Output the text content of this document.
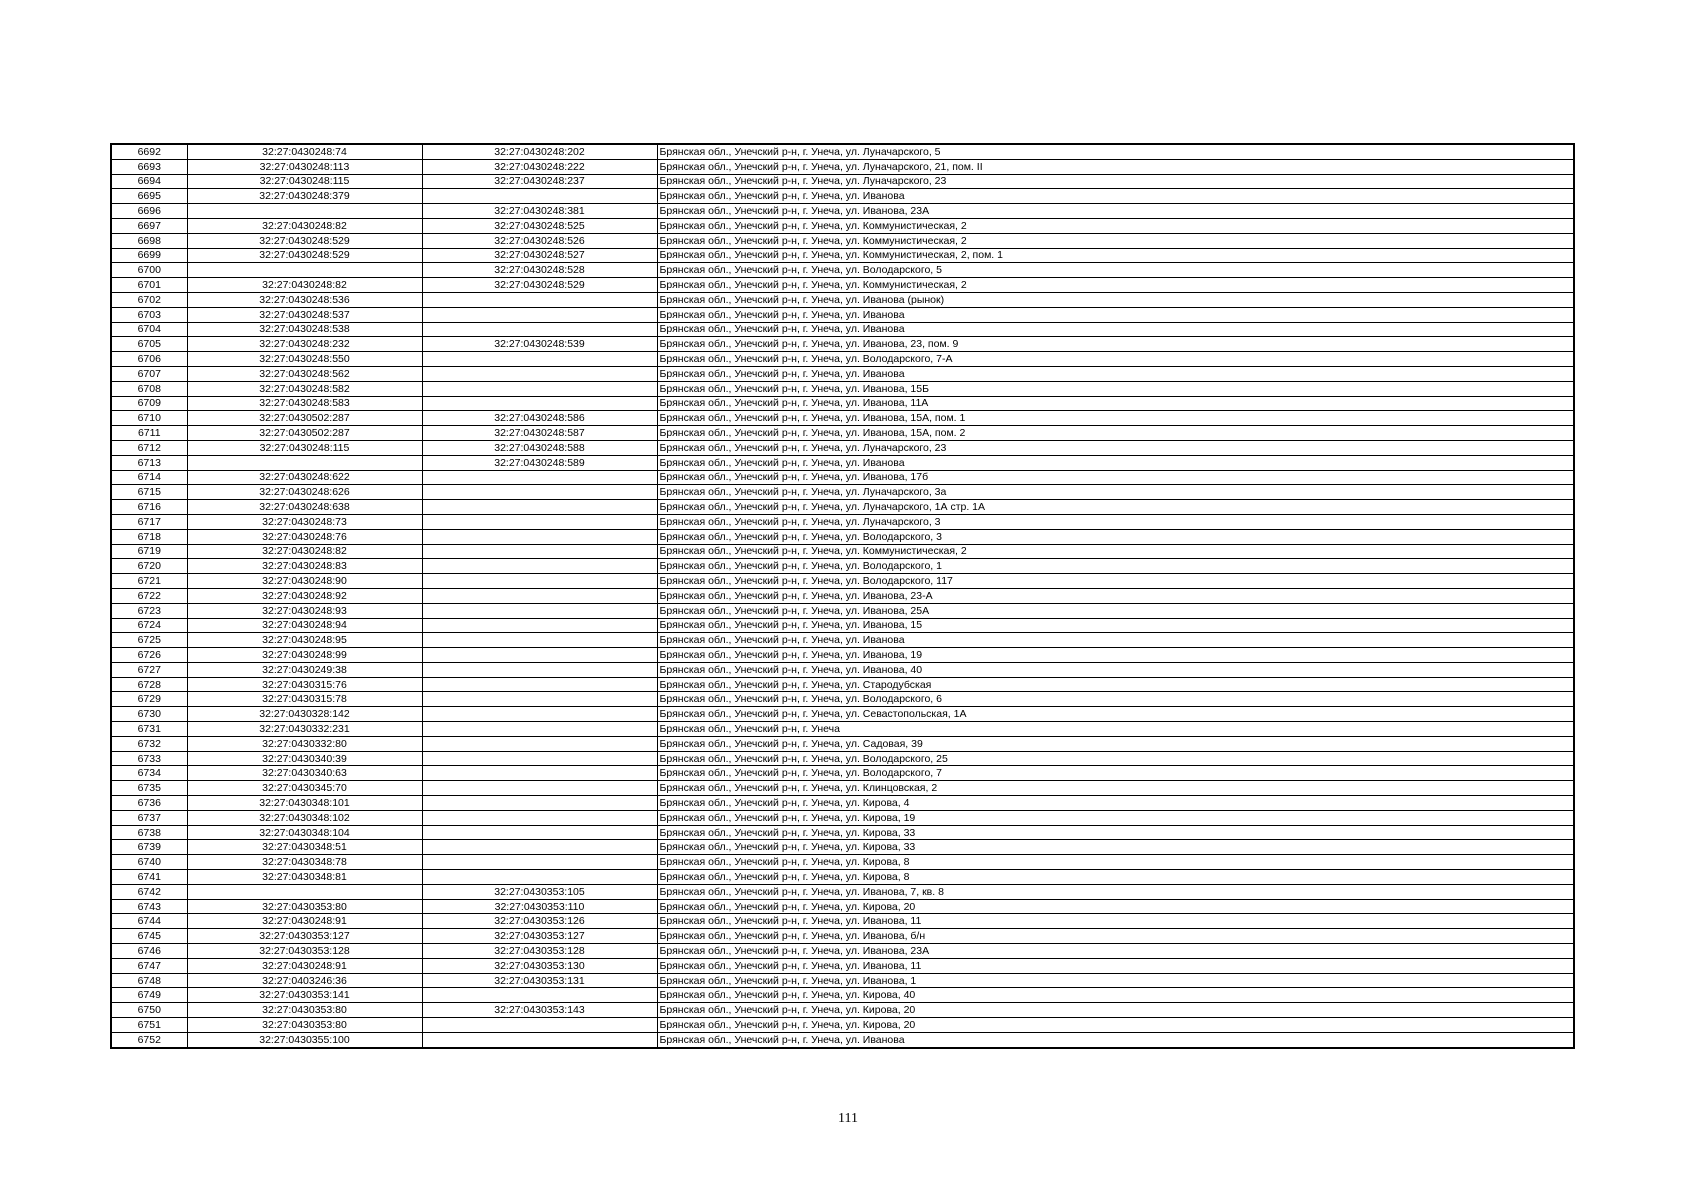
6692	32:27:0430248:74	32:27:0430248:202	Брянская обл., Унечский р-н, г. Унеча, ул. Луначарского, 5
6693	32:27:0430248:113	32:27:0430248:222	Брянская обл., Унечский р-н, г. Унеча, ул. Луначарского, 21, пом. II
6694	32:27:0430248:115	32:27:0430248:237	Брянская обл., Унечский р-н, г. Унеча, ул. Луначарского, 23
6695	32:27:0430248:379		Брянская обл., Унечский р-н, г. Унеча, ул. Иванова
6696		32:27:0430248:381	Брянская обл., Унечский р-н, г. Унеча, ул. Иванова, 23А
6697	32:27:0430248:82	32:27:0430248:525	Брянская обл., Унечский р-н, г. Унеча, ул. Коммунистическая, 2
6698	32:27:0430248:529	32:27:0430248:526	Брянская обл., Унечский р-н, г. Унеча, ул. Коммунистическая, 2
6699	32:27:0430248:529	32:27:0430248:527	Брянская обл., Унечский р-н, г. Унеча, ул. Коммунистическая, 2, пом. 1
6700		32:27:0430248:528	Брянская обл., Унечский р-н, г. Унеча, ул. Володарского, 5
6701	32:27:0430248:82	32:27:0430248:529	Брянская обл., Унечский р-н, г. Унеча, ул. Коммунистическая, 2
6702	32:27:0430248:536		Брянская обл., Унечский р-н, г. Унеча, ул. Иванова (рынок)
6703	32:27:0430248:537		Брянская обл., Унечский р-н, г. Унеча, ул. Иванова
6704	32:27:0430248:538		Брянская обл., Унечский р-н, г. Унеча, ул. Иванова
6705	32:27:0430248:232	32:27:0430248:539	Брянская обл., Унечский р-н, г. Унеча, ул. Иванова, 23, пом. 9
6706	32:27:0430248:550		Брянская обл., Унечский р-н, г. Унеча, ул. Володарского, 7-А
6707	32:27:0430248:562		Брянская обл., Унечский р-н, г. Унеча, ул. Иванова
6708	32:27:0430248:582		Брянская обл., Унечский р-н, г. Унеча, ул. Иванова, 15Б
6709	32:27:0430248:583		Брянская обл., Унечский р-н, г. Унеча, ул. Иванова, 11А
6710	32:27:0430502:287	32:27:0430248:586	Брянская обл., Унечский р-н, г. Унеча, ул. Иванова, 15А, пом. 1
6711	32:27:0430502:287	32:27:0430248:587	Брянская обл., Унечский р-н, г. Унеча, ул. Иванова, 15А, пом. 2
6712	32:27:0430248:115	32:27:0430248:588	Брянская обл., Унечский р-н, г. Унеча, ул. Луначарского, 23
6713		32:27:0430248:589	Брянская обл., Унечский р-н, г. Унеча, ул. Иванова
6714	32:27:0430248:622		Брянская обл., Унечский р-н, г. Унеча, ул. Иванова, 17б
6715	32:27:0430248:626		Брянская обл., Унечский р-н, г. Унеча, ул. Луначарского, 3а
6716	32:27:0430248:638		Брянская обл., Унечский р-н, г. Унеча, ул. Луначарского, 1А стр. 1А
6717	32:27:0430248:73		Брянская обл., Унечский р-н, г. Унеча, ул. Луначарского, 3
6718	32:27:0430248:76		Брянская обл., Унечский р-н, г. Унеча, ул. Володарского, 3
6719	32:27:0430248:82		Брянская обл., Унечский р-н, г. Унеча, ул. Коммунистическая, 2
6720	32:27:0430248:83		Брянская обл., Унечский р-н, г. Унеча, ул. Володарского, 1
6721	32:27:0430248:90		Брянская обл., Унечский р-н, г. Унеча, ул. Володарского, 117
6722	32:27:0430248:92		Брянская обл., Унечский р-н, г. Унеча, ул. Иванова, 23-А
6723	32:27:0430248:93		Брянская обл., Унечский р-н, г. Унеча, ул. Иванова, 25А
6724	32:27:0430248:94		Брянская обл., Унечский р-н, г. Унеча, ул. Иванова, 15
6725	32:27:0430248:95		Брянская обл., Унечский р-н, г. Унеча, ул. Иванова
6726	32:27:0430248:99		Брянская обл., Унечский р-н, г. Унеча, ул. Иванова, 19
6727	32:27:0430249:38		Брянская обл., Унечский р-н, г. Унеча, ул. Иванова, 40
6728	32:27:0430315:76		Брянская обл., Унечский р-н, г. Унеча, ул. Стародубская
6729	32:27:0430315:78		Брянская обл., Унечский р-н, г. Унеча, ул. Володарского, 6
6730	32:27:0430328:142		Брянская обл., Унечский р-н, г. Унеча, ул. Севастопольская, 1А
6731	32:27:0430332:231		Брянская обл., Унечский р-н, г. Унеча
6732	32:27:0430332:80		Брянская обл., Унечский р-н, г. Унеча, ул. Садовая, 39
6733	32:27:0430340:39		Брянская обл., Унечский р-н, г. Унеча, ул. Володарского, 25
6734	32:27:0430340:63		Брянская обл., Унечский р-н, г. Унеча, ул. Володарского, 7
6735	32:27:0430345:70		Брянская обл., Унечский р-н, г. Унеча, ул. Клинцовская, 2
6736	32:27:0430348:101		Брянская обл., Унечский р-н, г. Унеча, ул. Кирова, 4
6737	32:27:0430348:102		Брянская обл., Унечский р-н, г. Унеча, ул. Кирова, 19
6738	32:27:0430348:104		Брянская обл., Унечский р-н, г. Унеча, ул. Кирова, 33
6739	32:27:0430348:51		Брянская обл., Унечский р-н, г. Унеча, ул. Кирова, 33
6740	32:27:0430348:78		Брянская обл., Унечский р-н, г. Унеча, ул. Кирова, 8
6741	32:27:0430348:81		Брянская обл., Унечский р-н, г. Унеча, ул. Кирова, 8
6742		32:27:0430353:105	Брянская обл., Унечский р-н, г. Унеча, ул. Иванова, 7, кв. 8
6743	32:27:0430353:80	32:27:0430353:110	Брянская обл., Унечский р-н, г. Унеча, ул. Кирова, 20
6744	32:27:0430248:91	32:27:0430353:126	Брянская обл., Унечский р-н, г. Унеча, ул. Иванова, 11
6745	32:27:0430353:127	32:27:0430353:127	Брянская обл., Унечский р-н, г. Унеча, ул. Иванова, б/н
6746	32:27:0430353:128	32:27:0430353:128	Брянская обл., Унечский р-н, г. Унеча, ул. Иванова, 23А
6747	32:27:0430248:91	32:27:0430353:130	Брянская обл., Унечский р-н, г. Унеча, ул. Иванова, 11
6748	32:27:0403246:36	32:27:0430353:131	Брянская обл., Унечский р-н, г. Унеча, ул. Иванова, 1
6749	32:27:0430353:141		Брянская обл., Унечский р-н, г. Унеча, ул. Кирова, 40
6750	32:27:0430353:80	32:27:0430353:143	Брянская обл., Унечский р-н, г. Унеча, ул. Кирова, 20
6751	32:27:0430353:80		Брянская обл., Унечский р-н, г. Унеча, ул. Кирова, 20
6752	32:27:0430355:100		Брянская обл., Унечский р-н, г. Унеча, ул. Иванова
111
